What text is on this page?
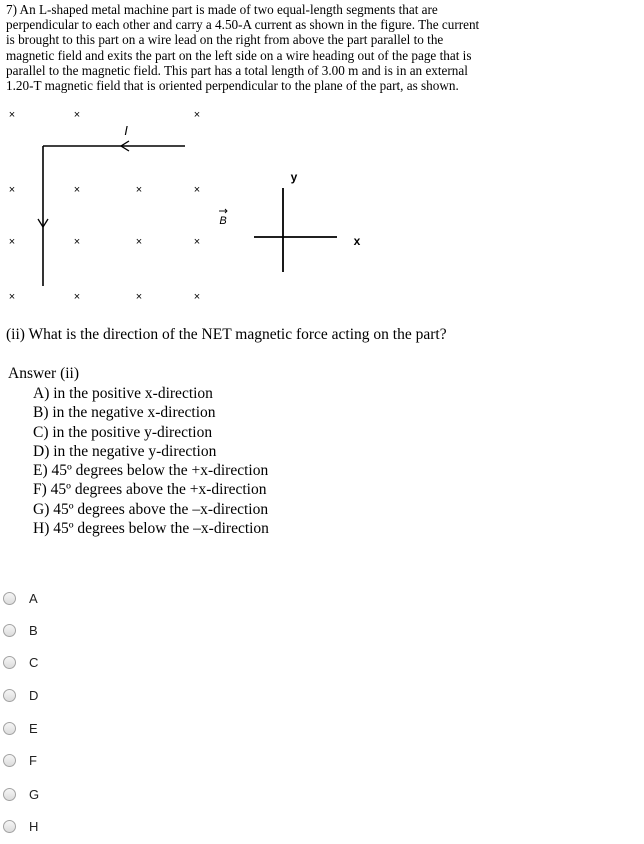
7) An L-shaped metal machine part is made of two equal-length segments that are

perpendicular to each other and carry a 4.50-A current as shown in the figure. The current

is brought to this part on a wire lead on the right from above the part parallel to the

magnetic field and exits the part on the left side on a wire heading out of the page that is

parallel to the magnetic field. This part has a total length of 3.00 m and is in an external

1.20-T magnetic field that is oriented perpendicular to the plane of the part, as shown.

×	×	×
×	×	×	×
×	×	×	×
×	×	×	×
I
B
y
x
(ii) What is the direction of the NET magnetic force acting on the part?
Answer (ii)
A) in the positive x-direction
B) in the negative x-direction
C) in the positive y-direction
D) in the negative y-direction
E) 45º degrees below the +x-direction
F) 45º degrees above the +x-direction
G) 45º degrees above the –x-direction
H) 45º degrees below the –x-direction
A
B
C
D
E
F
G
H
